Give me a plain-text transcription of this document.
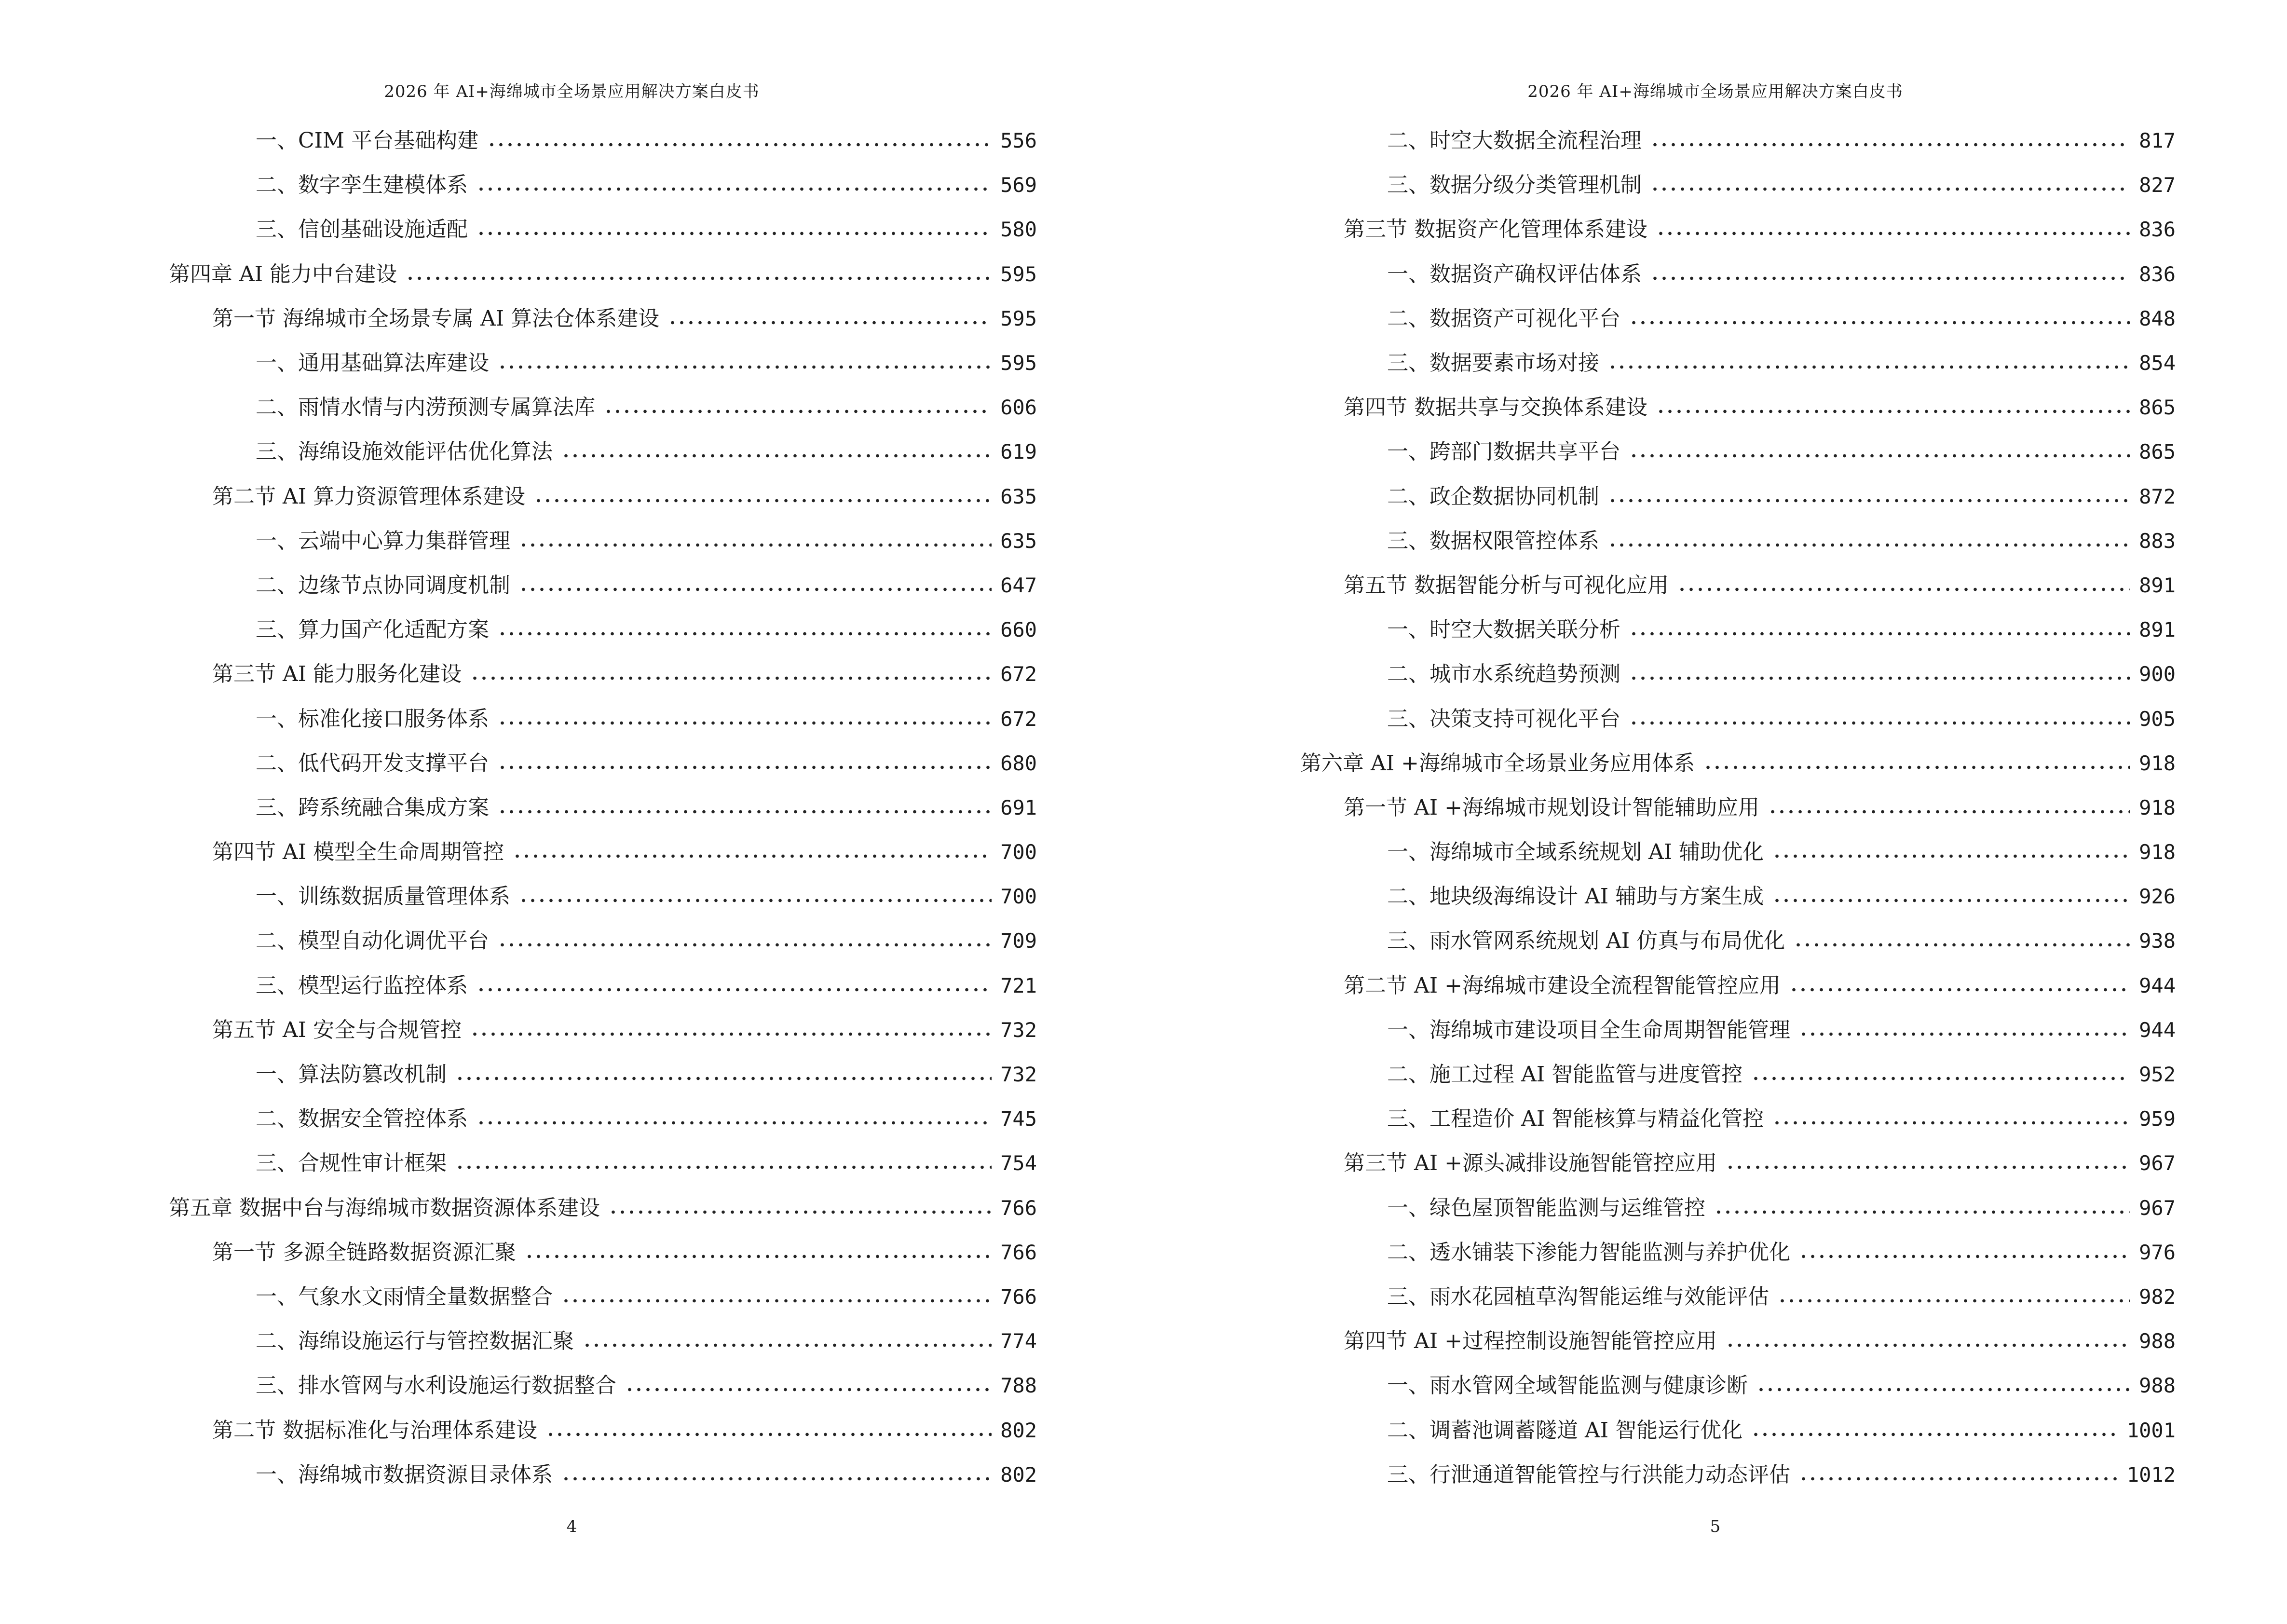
2026 年 AI+海绵城市全场景应用解决方案白皮书
一、CIM 平台基础构建	556
二、数字孪生建模体系	569
三、信创基础设施适配	580
第四章 AI 能力中台建设	595
第一节 海绵城市全场景专属 AI 算法仓体系建设	595
一、通用基础算法库建设	595
二、雨情水情与内涝预测专属算法库	606
三、海绵设施效能评估优化算法	619
第二节 AI 算力资源管理体系建设	635
一、云端中心算力集群管理	635
二、边缘节点协同调度机制	647
三、算力国产化适配方案	660
第三节 AI 能力服务化建设	672
一、标准化接口服务体系	672
二、低代码开发支撑平台	680
三、跨系统融合集成方案	691
第四节 AI 模型全生命周期管控	700
一、训练数据质量管理体系	700
二、模型自动化调优平台	709
三、模型运行监控体系	721
第五节 AI 安全与合规管控	732
一、算法防篡改机制	732
二、数据安全管控体系	745
三、合规性审计框架	754
第五章 数据中台与海绵城市数据资源体系建设	766
第一节 多源全链路数据资源汇聚	766
一、气象水文雨情全量数据整合	766
二、海绵设施运行与管控数据汇聚	774
三、排水管网与水利设施运行数据整合	788
第二节 数据标准化与治理体系建设	802
一、海绵城市数据资源目录体系	802
4
2026 年 AI+海绵城市全场景应用解决方案白皮书
二、时空大数据全流程治理	817
三、数据分级分类管理机制	827
第三节 数据资产化管理体系建设	836
一、数据资产确权评估体系	836
二、数据资产可视化平台	848
三、数据要素市场对接	854
第四节 数据共享与交换体系建设	865
一、跨部门数据共享平台	865
二、政企数据协同机制	872
三、数据权限管控体系	883
第五节 数据智能分析与可视化应用	891
一、时空大数据关联分析	891
二、城市水系统趋势预测	900
三、决策支持可视化平台	905
第六章 AI +海绵城市全场景业务应用体系	918
第一节 AI +海绵城市规划设计智能辅助应用	918
一、海绵城市全域系统规划 AI 辅助优化	918
二、地块级海绵设计 AI 辅助与方案生成	926
三、雨水管网系统规划 AI 仿真与布局优化	938
第二节 AI +海绵城市建设全流程智能管控应用	944
一、海绵城市建设项目全生命周期智能管理	944
二、施工过程 AI 智能监管与进度管控	952
三、工程造价 AI 智能核算与精益化管控	959
第三节 AI +源头减排设施智能管控应用	967
一、绿色屋顶智能监测与运维管控	967
二、透水铺装下渗能力智能监测与养护优化	976
三、雨水花园植草沟智能运维与效能评估	982
第四节 AI +过程控制设施智能管控应用	988
一、雨水管网全域智能监测与健康诊断	988
二、调蓄池调蓄隧道 AI 智能运行优化	1001
三、行泄通道智能管控与行洪能力动态评估	1012
5
